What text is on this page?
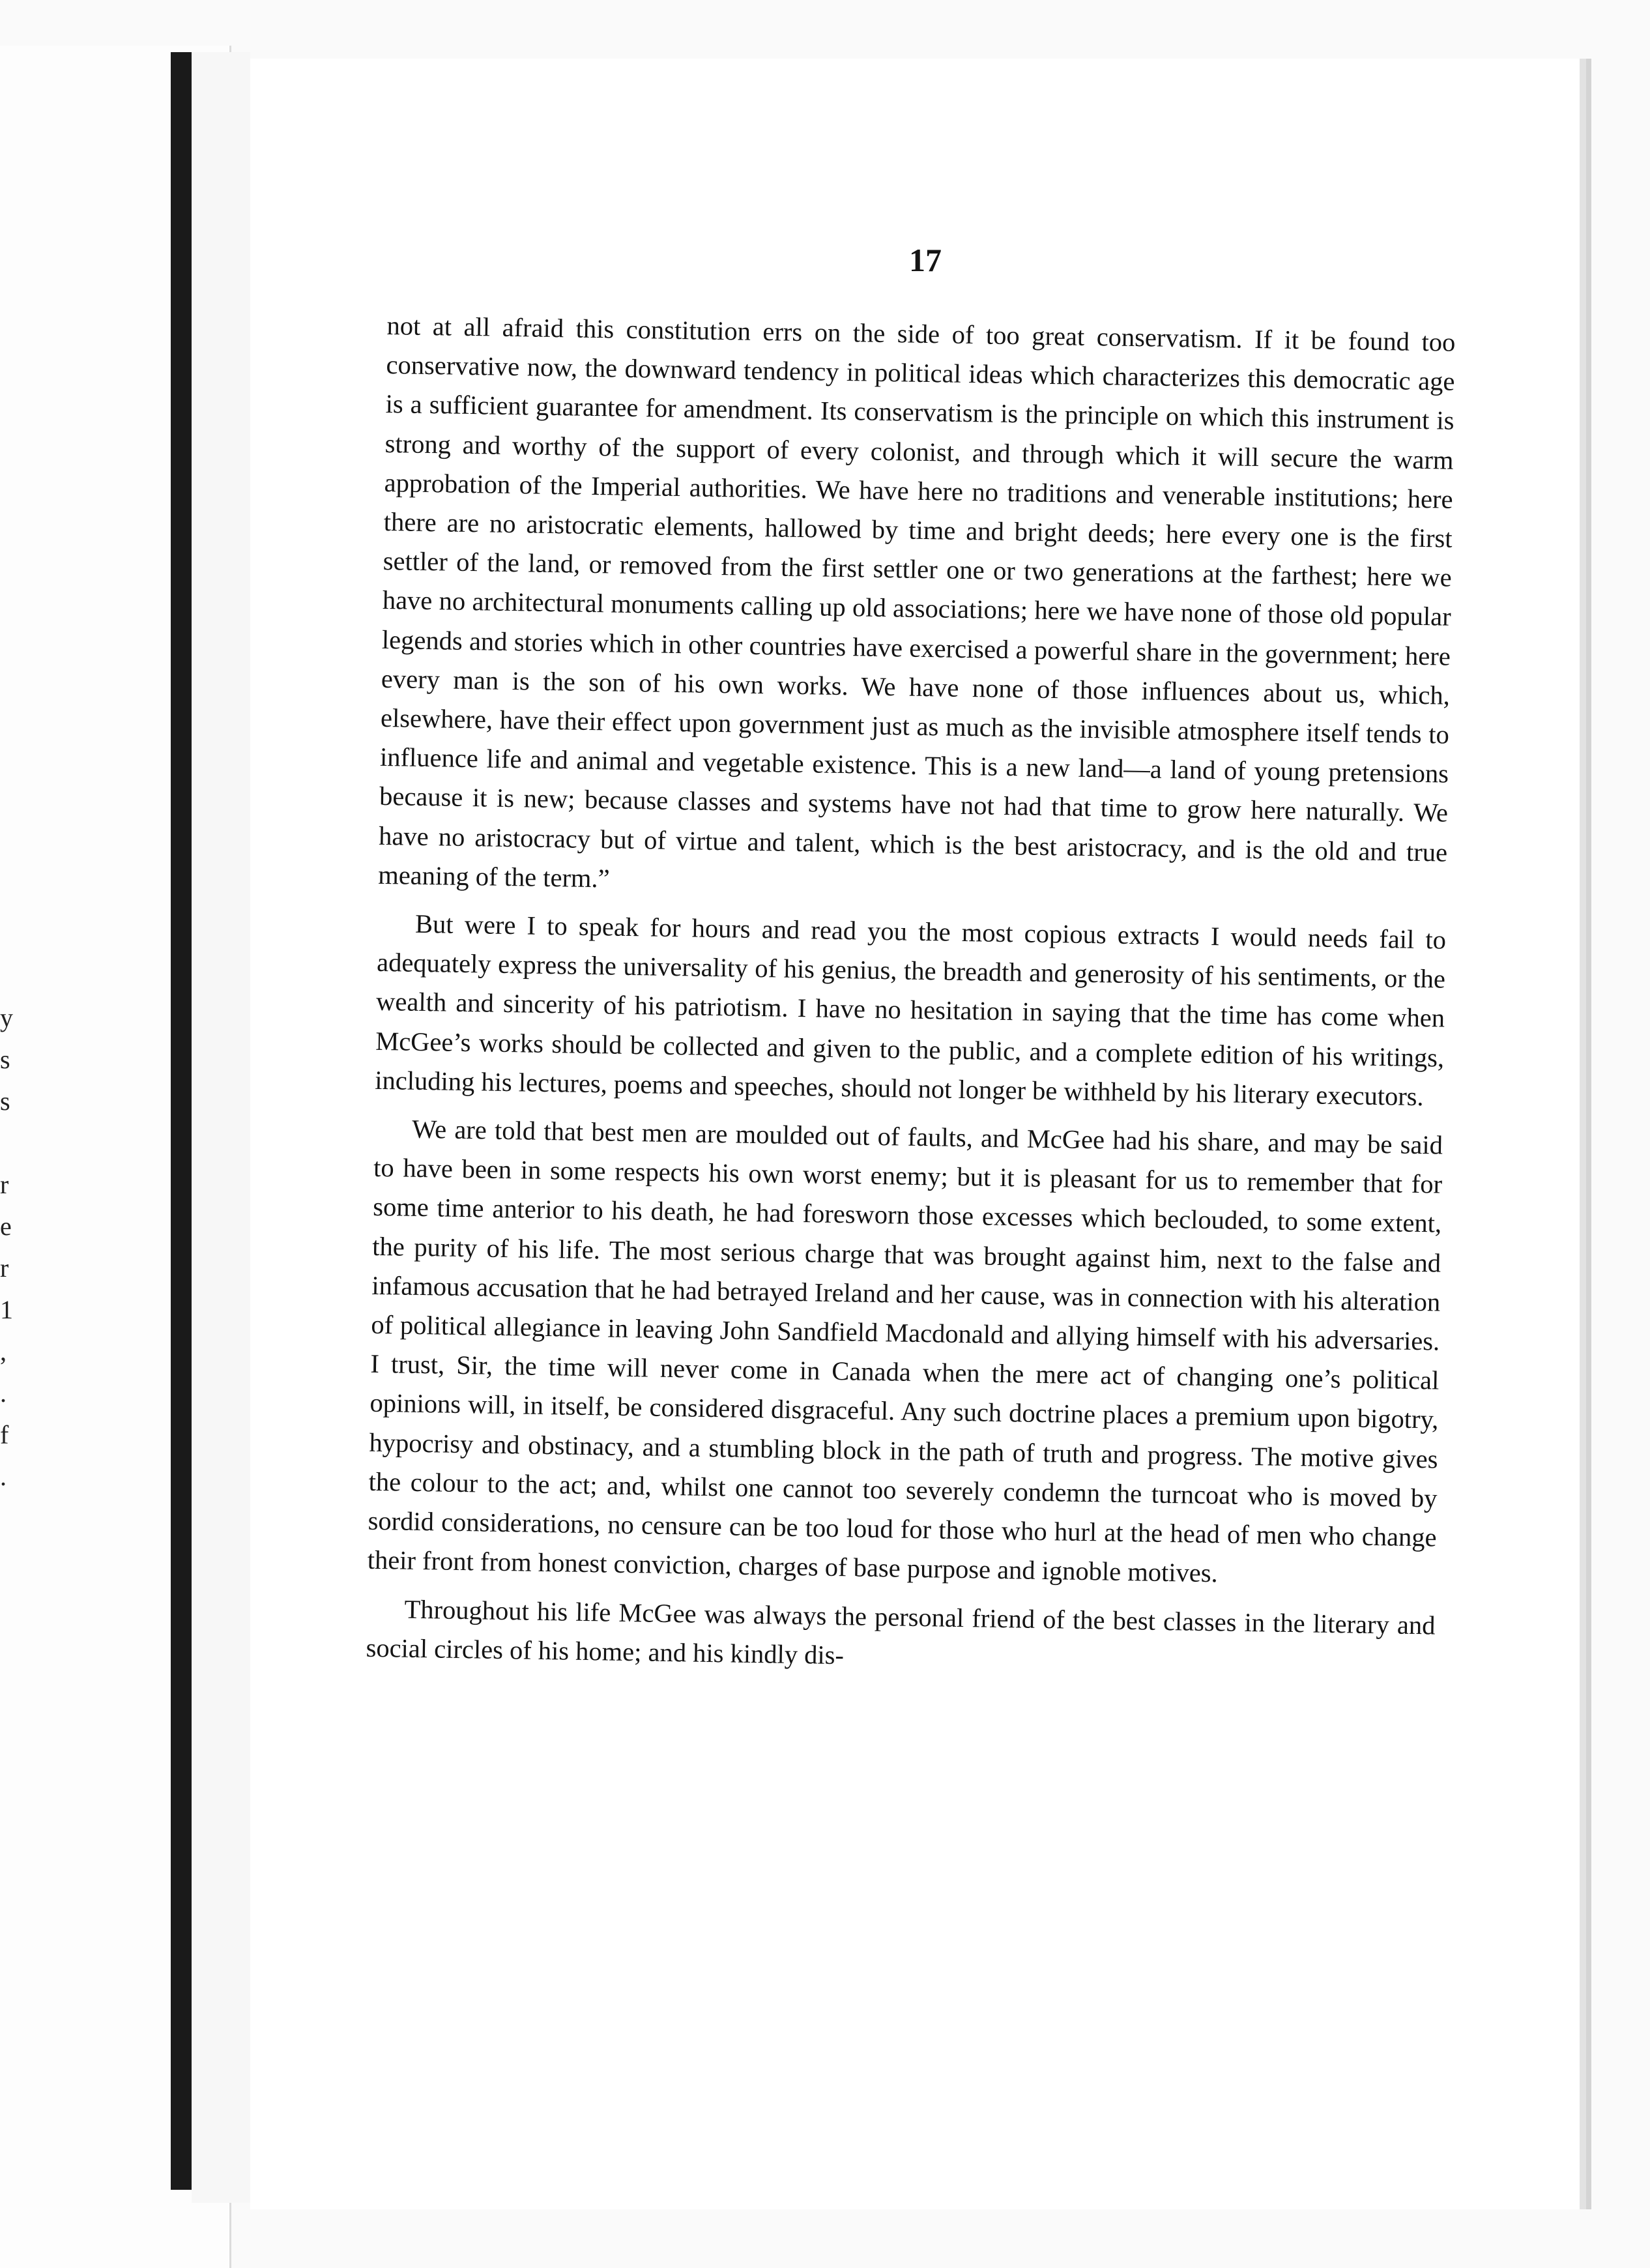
y
s
s
r
e
r
1
,
.
f
.
17

not at all afraid this constitution errs on the side of too great conservatism. If it be found too conservative now, the downward tendency in political ideas which characterizes this democratic age is a sufficient guarantee for amendment. Its conservatism is the principle on which this instrument is strong and worthy of the support of every colonist, and through which it will secure the warm approbation of the Imperial authorities. We have here no traditions and venerable institutions; here there are no aristocratic elements, hallowed by time and bright deeds; here every one is the first settler of the land, or removed from the first settler one or two generations at the farthest; here we have no architectural monuments calling up old associations; here we have none of those old popular legends and stories which in other countries have exercised a powerful share in the government; here every man is the son of his own works. We have none of those influences about us, which, elsewhere, have their effect upon government just as much as the invisible atmosphere itself tends to influence life and animal and vegetable existence. This is a new land—a land of young pretensions because it is new; because classes and systems have not had that time to grow here naturally. We have no aristocracy but of virtue and talent, which is the best aristocracy, and is the old and true meaning of the term.”

But were I to speak for hours and read you the most copious extracts I would needs fail to adequately express the universality of his genius, the breadth and generosity of his sentiments, or the wealth and sincerity of his patriotism. I have no hesitation in saying that the time has come when McGee’s works should be collected and given to the public, and a complete edition of his writings, including his lectures, poems and speeches, should not longer be withheld by his literary executors.

We are told that best men are moulded out of faults, and McGee had his share, and may be said to have been in some respects his own worst enemy; but it is pleasant for us to remember that for some time anterior to his death, he had foresworn those excesses which beclouded, to some extent, the purity of his life. The most serious charge that was brought against him, next to the false and infamous accusation that he had betrayed Ireland and her cause, was in connection with his alteration of political allegiance in leaving John Sandfield Macdonald and allying himself with his adversaries. I trust, Sir, the time will never come in Canada when the mere act of changing one’s political opinions will, in itself, be considered disgraceful. Any such doctrine places a premium upon bigotry, hypocrisy and obstinacy, and a stumbling block in the path of truth and progress. The motive gives the colour to the act; and, whilst one cannot too severely condemn the turncoat who is moved by sordid considerations, no censure can be too loud for those who hurl at the head of men who change their front from honest conviction, charges of base purpose and ignoble motives.

Throughout his life McGee was always the personal friend of the best classes in the literary and social circles of his home; and his kindly dis-
